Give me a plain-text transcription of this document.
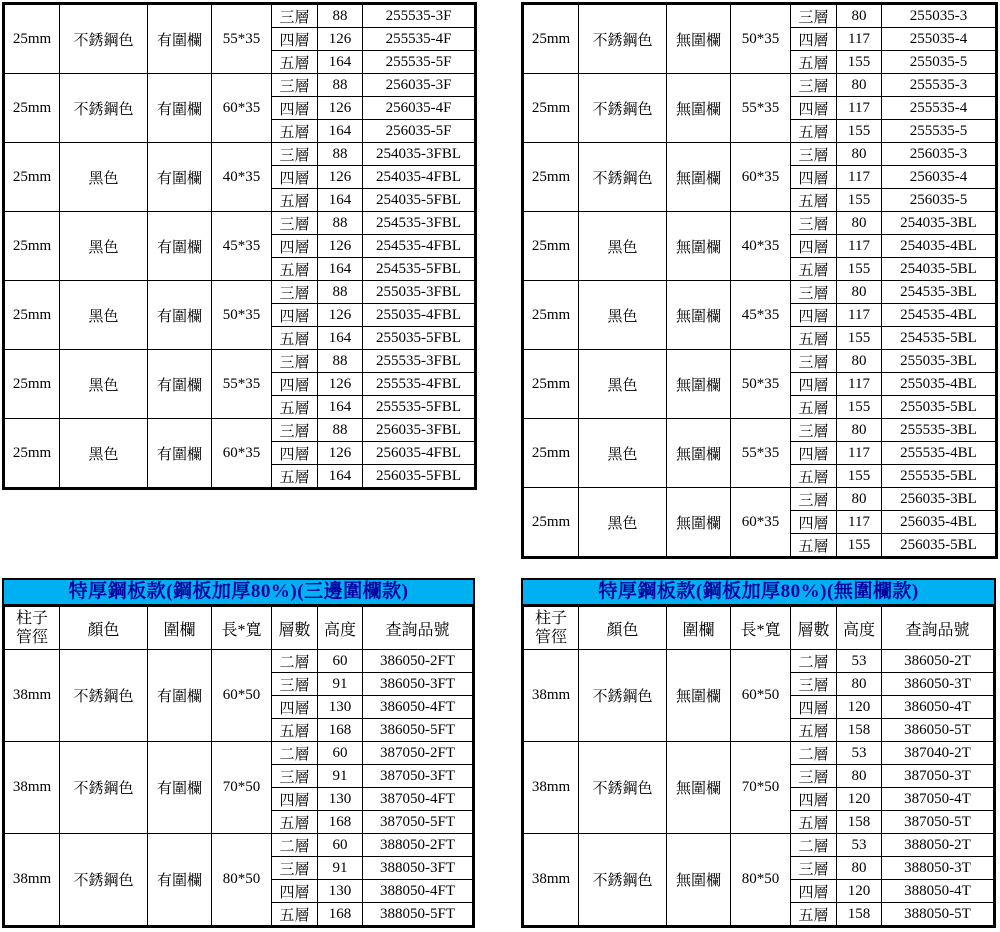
25mm	不銹鋼色	有圍欄	55*35	三層	88	255535-3F
				四層	126	255535-4F
				五層	164	255535-5F
25mm	不銹鋼色	有圍欄	60*35	三層	88	256035-3F
				四層	126	256035-4F
				五層	164	256035-5F
25mm	黑色	有圍欄	40*35	三層	88	254035-3FBL
				四層	126	254035-4FBL
				五層	164	254035-5FBL
25mm	黑色	有圍欄	45*35	三層	88	254535-3FBL
				四層	126	254535-4FBL
				五層	164	254535-5FBL
25mm	黑色	有圍欄	50*35	三層	88	255035-3FBL
				四層	126	255035-4FBL
				五層	164	255035-5FBL
25mm	黑色	有圍欄	55*35	三層	88	255535-3FBL
				四層	126	255535-4FBL
				五層	164	255535-5FBL
25mm	黑色	有圍欄	60*35	三層	88	256035-3FBL
				四層	126	256035-4FBL
				五層	164	256035-5FBL
25mm	不銹鋼色	無圍欄	50*35	三層	80	255035-3
				四層	117	255035-4
				五層	155	255035-5
25mm	不銹鋼色	無圍欄	55*35	三層	80	255535-3
				四層	117	255535-4
				五層	155	255535-5
25mm	不銹鋼色	無圍欄	60*35	三層	80	256035-3
				四層	117	256035-4
				五層	155	256035-5
25mm	黑色	無圍欄	40*35	三層	80	254035-3BL
				四層	117	254035-4BL
				五層	155	254035-5BL
25mm	黑色	無圍欄	45*35	三層	80	254535-3BL
				四層	117	254535-4BL
				五層	155	254535-5BL
25mm	黑色	無圍欄	50*35	三層	80	255035-3BL
				四層	117	255035-4BL
				五層	155	255035-5BL
25mm	黑色	無圍欄	55*35	三層	80	255535-3BL
				四層	117	255535-4BL
				五層	155	255535-5BL
25mm	黑色	無圍欄	60*35	三層	80	256035-3BL
				四層	117	256035-4BL
				五層	155	256035-5BL
特厚鋼板款(鋼板加厚80%)(三邊圍欄款)
柱子
管徑	顏色	圍欄	長*寬	層數	高度	查詢品號
38mm	不銹鋼色	有圍欄	60*50	二層	60	386050-2FT
				三層	91	386050-3FT
				四層	130	386050-4FT
				五層	168	386050-5FT
38mm	不銹鋼色	有圍欄	70*50	二層	60	387050-2FT
				三層	91	387050-3FT
				四層	130	387050-4FT
				五層	168	387050-5FT
38mm	不銹鋼色	有圍欄	80*50	二層	60	388050-2FT
				三層	91	388050-3FT
				四層	130	388050-4FT
				五層	168	388050-5FT
特厚鋼板款(鋼板加厚80%)(無圍欄款)
柱子
管徑	顏色	圍欄	長*寬	層數	高度	查詢品號
38mm	不銹鋼色	無圍欄	60*50	二層	53	386050-2T
				三層	80	386050-3T
				四層	120	386050-4T
				五層	158	386050-5T
38mm	不銹鋼色	無圍欄	70*50	二層	53	387040-2T
				三層	80	387050-3T
				四層	120	387050-4T
				五層	158	387050-5T
38mm	不銹鋼色	無圍欄	80*50	二層	53	388050-2T
				三層	80	388050-3T
				四層	120	388050-4T
				五層	158	388050-5T
